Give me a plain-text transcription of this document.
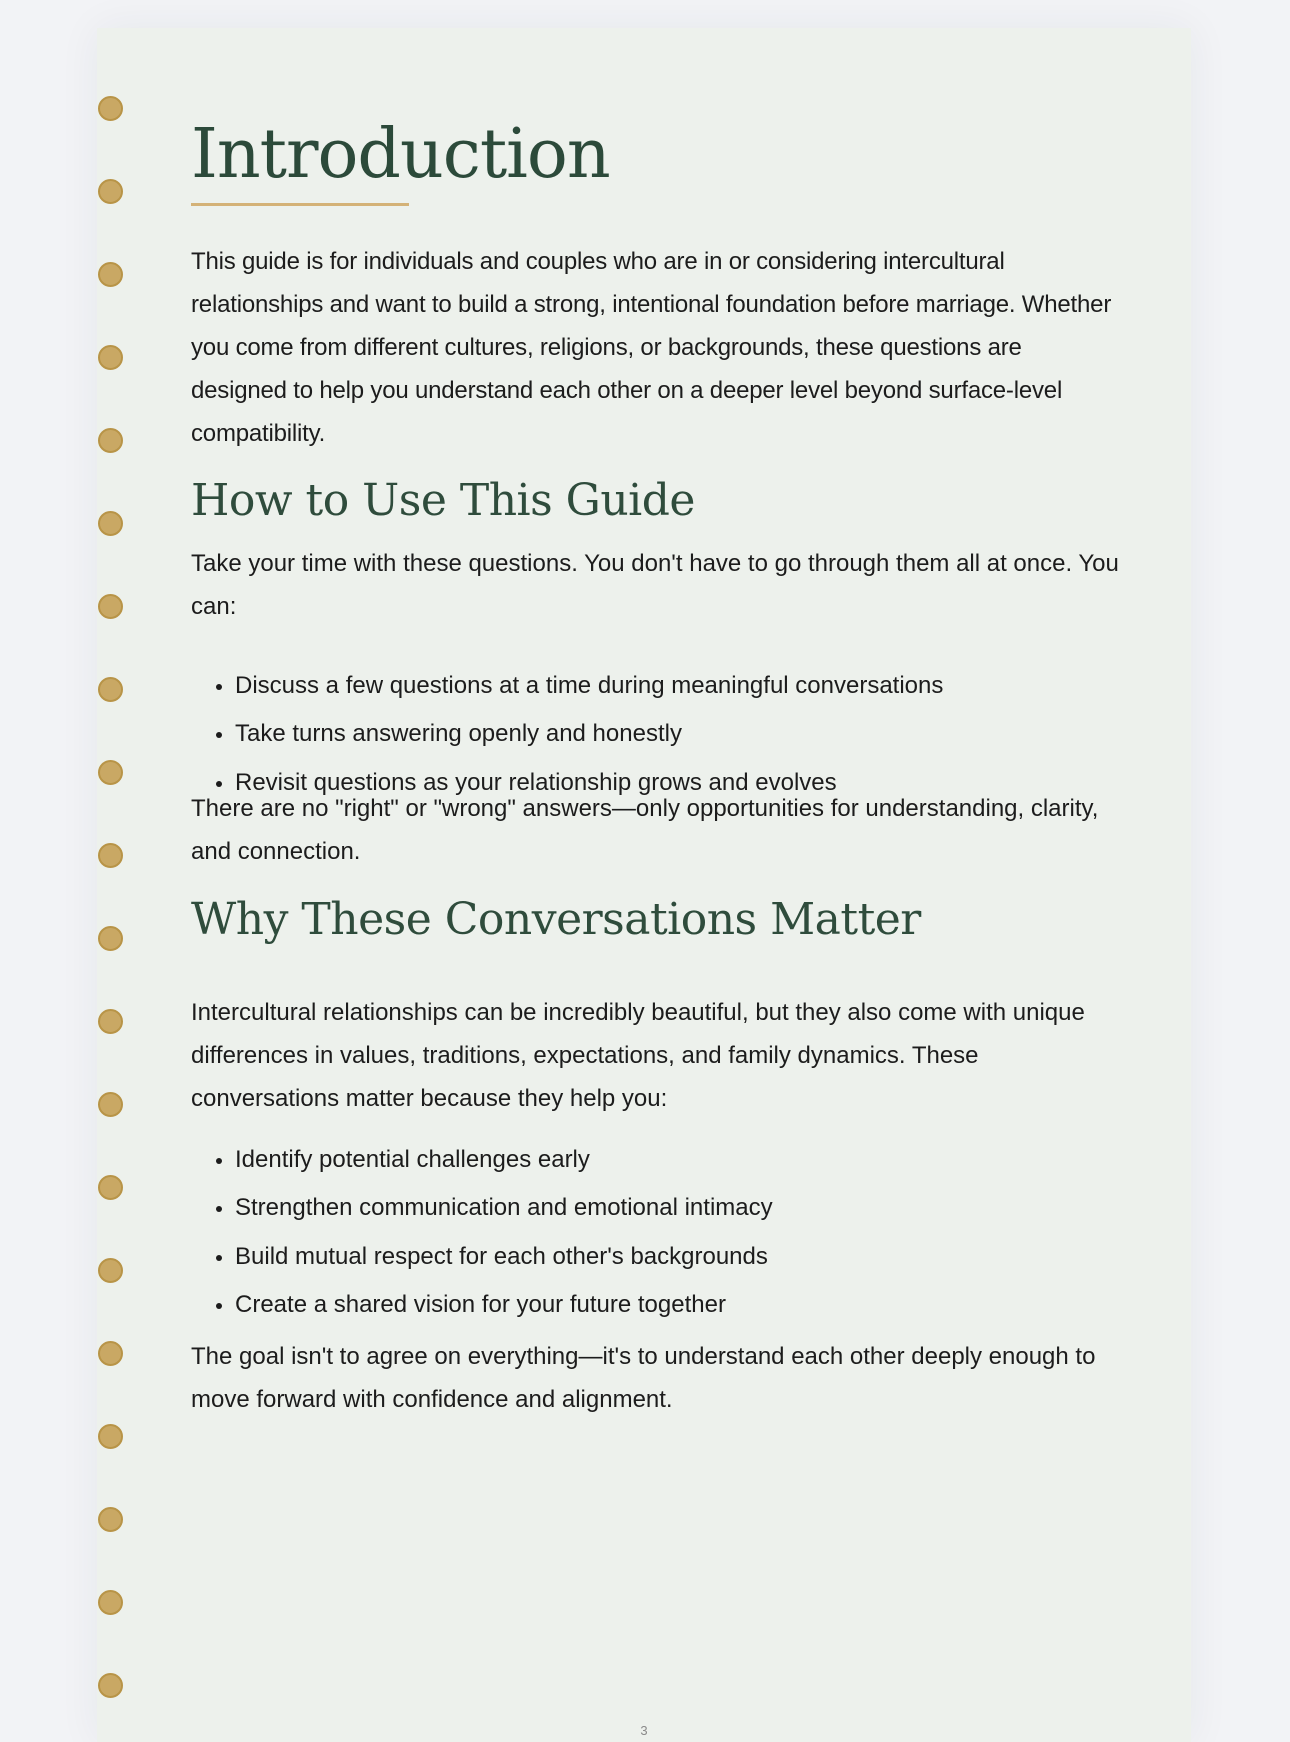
Introduction

This guide is for individuals and couples who are in or considering intercultural relationships and want to build a strong, intentional foundation before marriage. Whether you come from different cultures, religions, or backgrounds, these questions are designed to help you understand each other on a deeper level beyond surface-level compatibility.

How to Use This Guide

Take your time with these questions. You don't have to go through them all at once. You can:

Discuss a few questions at a time during meaningful conversations
Take turns answering openly and honestly
Revisit questions as your relationship grows and evolves

There are no "right" or "wrong" answers—only opportunities for understanding, clarity, and connection.

Why These Conversations Matter

Intercultural relationships can be incredibly beautiful, but they also come with unique differences in values, traditions, expectations, and family dynamics. These conversations matter because they help you:

Identify potential challenges early
Strengthen communication and emotional intimacy
Build mutual respect for each other's backgrounds
Create a shared vision for your future together

The goal isn't to agree on everything—it's to understand each other deeply enough to move forward with confidence and alignment.

3
